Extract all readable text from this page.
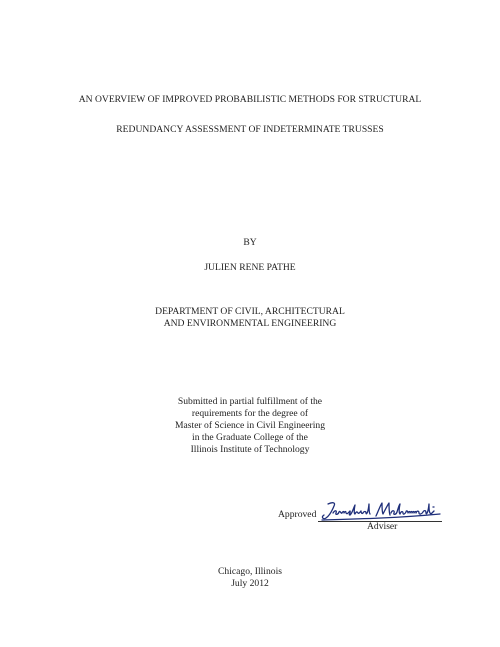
AN OVERVIEW OF IMPROVED PROBABILISTIC METHODS FOR STRUCTURAL
REDUNDANCY ASSESSMENT OF INDETERMINATE TRUSSES
BY
JULIEN RENE PATHE
DEPARTMENT OF CIVIL, ARCHITECTURAL
AND ENVIRONMENTAL ENGINEERING
Submitted in partial fulfillment of the
requirements for the degree of
Master of Science in Civil Engineering
in the Graduate College of the
Illinois Institute of Technology
Approved
Adviser
Chicago, Illinois
July 2012
